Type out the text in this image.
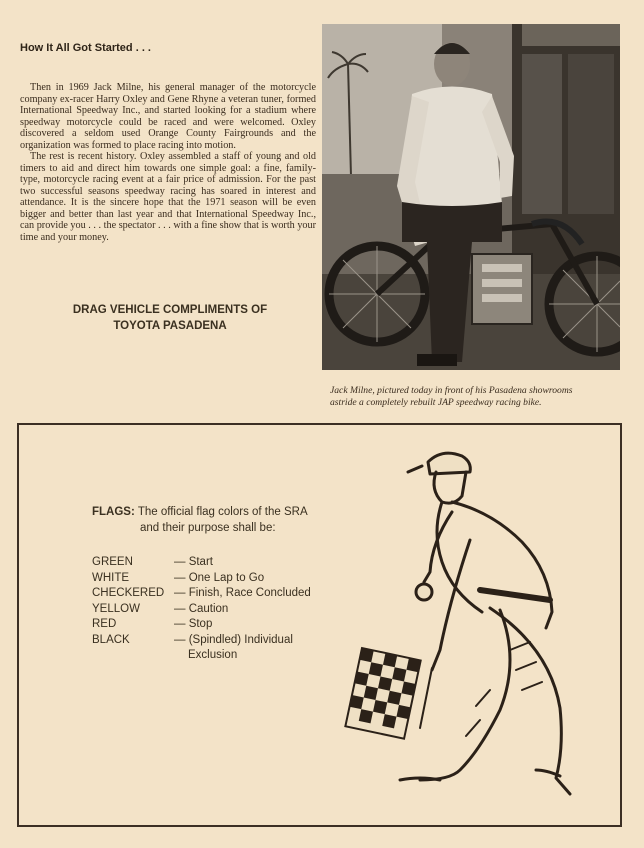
How It All Got Started . . .

Then in 1969 Jack Milne, his general manager of the motorcycle company ex-racer Harry Oxley and Gene Rhyne a veteran tuner, formed International Speedway Inc., and started looking for a stadium where speedway motorcycle could be raced and were welcomed. Oxley discovered a seldom used Orange County Fairgrounds and the organization was formed to place racing into motion.

The rest is recent history. Oxley assembled a staff of young and old timers to aid and direct him towards one simple goal: a fine, family-type, motorcycle racing event at a fair price of admission. For the past two successful seasons speedway racing has soared in interest and attendance. It is the sincere hope that the 1971 season will be even bigger and better than last year and that International Speedway Inc., can provide you . . . the spectator . . . with a fine show that is worth your time and your money.

DRAG VEHICLE COMPLIMENTS OF
TOYOTA PASADENA
Jack Milne, pictured today in front of his Pasadena showrooms
astride a completely rebuilt JAP speedway racing bike.
FLAGS: The official flag colors of the SRA
and their purpose shall be:
GREEN	— Start
WHITE	— One Lap to Go
CHECKERED — Finish, Race Concluded
YELLOW	— Caution
RED	— Stop
BLACK	— (Spindled) Individual Exclusion
